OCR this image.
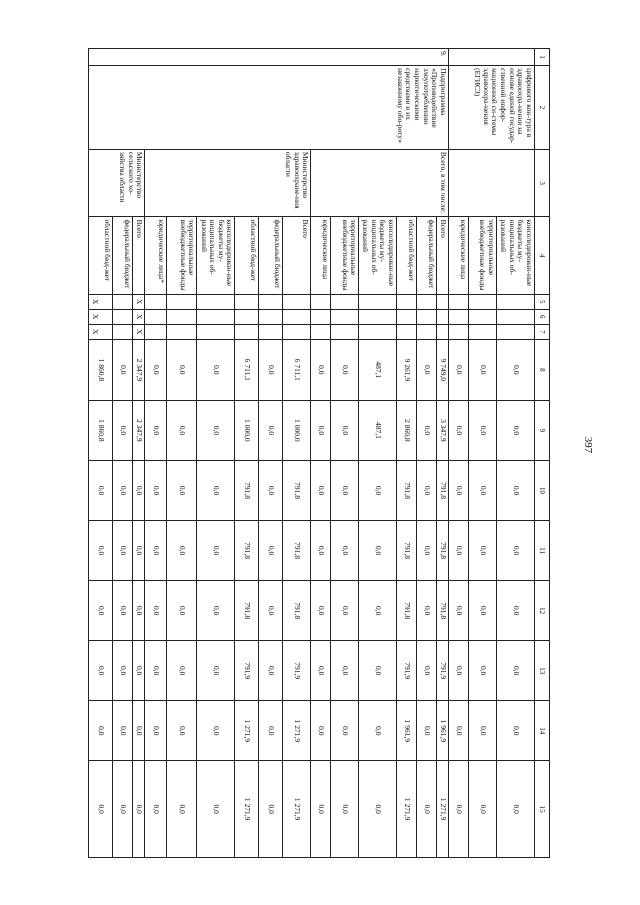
397
1	2	3	4	5	6	7	8	9	10	11	12	13	14	15
	цифрового кон-тура в здравоохра-нении на основе единой государ-ственной инфор-мационной си-стемы здравоохра-нения (ЕГИСЗ)		консолидирован-ные бюджеты му-ниципальных об-разований				0,0	0,0	0,0	0,0	0,0	0,0	0,0	0,0
			территориальные внебюджетные фонды				0,0	0,0	0,0	0,0	0,0	0,0	0,0	0,0
			юридические лица				0,0	0,0	0,0	0,0	0,0	0,0	0,0	0,0
9.	Подпрограмма «Противодействие злоупотреблению наркотическими средствами и их незаконному обо-роту»	Всего, в том числе:	Всего				9 749,0	3 347,9	791,8	791,8	791,8	791,9	1 961,9	1 271,9
			федеральный бюджет				0,0	0,0	0,0	0,0	0,0	0,0	0,0	0,0
			областной бюд-жет				9 261,9	2 860,8	791,8	791,8	791,8	791,9	1 961,9	1 271,9
			консолидирован-ные бюджеты му-ниципальных об-разований				487,1	487,1	0,0	0,0	0,0	0,0	0,0	0,0
			территориальные внебюджетные фонды				0,0	0,0	0,0	0,0	0,0	0,0	0,0	0,0
			юридические лица				0,0	0,0	0,0	0,0	0,0	0,0	0,0	0,0
		Министерство здравоохране-ния области	Всего				6 711,1	1 000,0	791,8	791,8	791,8	791,9	1 271,9	1 271,9
			федеральный бюджет				0,0	0,0	0,0	0,0	0,0	0,0	0,0	0,0
			областной бюд-жет				6 711,1	1 000,0	791,8	791,8	791,8	791,9	1 271,9	1 271,9
			консолидирован-ные бюджеты му-ниципальных об-разований				0,0	0,0	0,0	0,0	0,0	0,0	0,0	0,0
			территориальные внебюджетные фонды				0,0	0,0	0,0	0,0	0,0	0,0	0,0	0,0
			юридические лица*				0,0	0,0	0,0	0,0	0,0	0,0	0,0	0,0
		Министерство сельского хо-зяйства области	Всего	X	X	X	2 347,9	2 347,9	0,0	0,0	0,0	0,0	0,0	0,0
			федеральный бюджет				0,0	0,0	0,0	0,0	0,0	0,0	0,0	0,0
			областной бюд-жет	X	X	X	1 860,8	1 860,8	0,0	0,0	0,0	0,0	0,0	0,0
